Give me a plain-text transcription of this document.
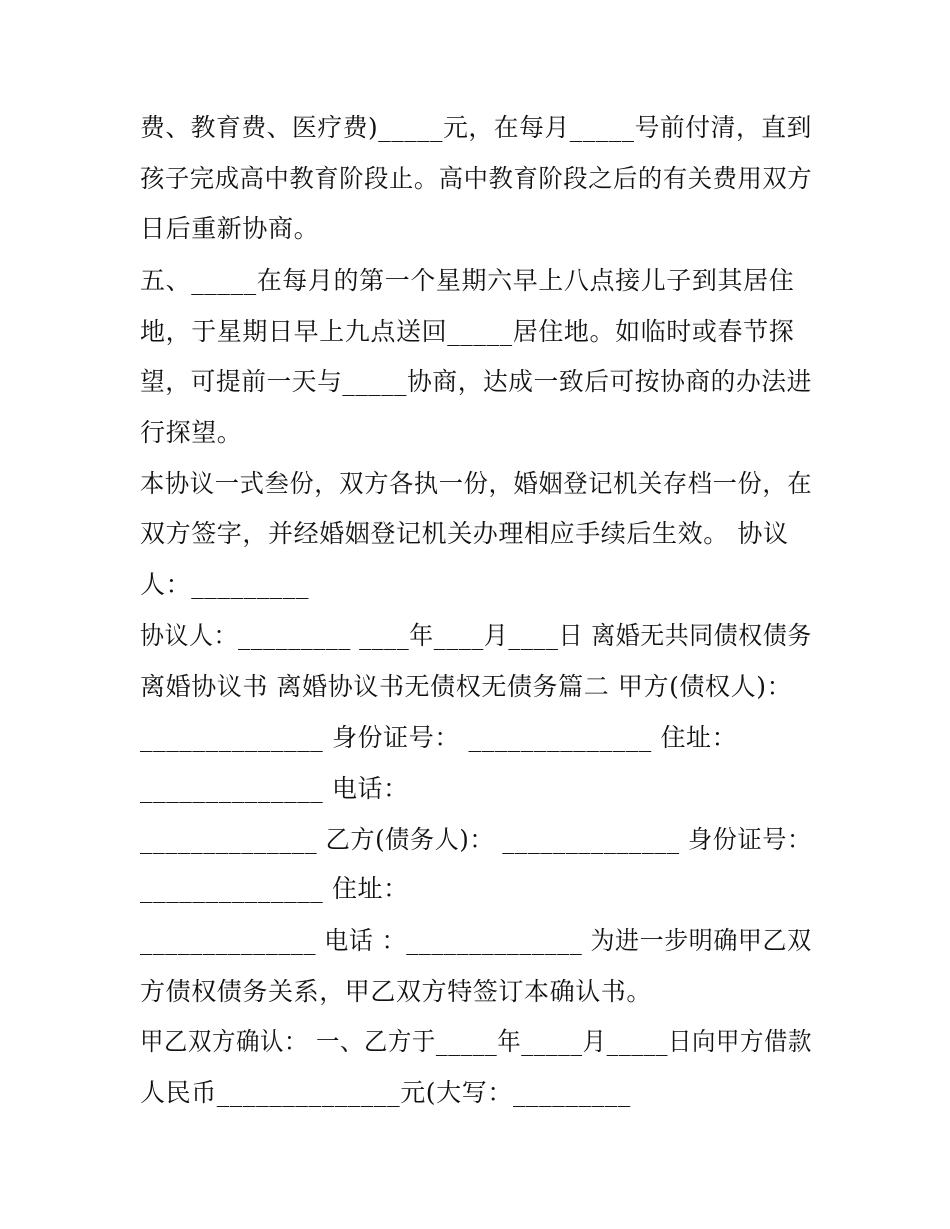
费、教育费、医疗费)_____元，在每月_____号前付清，直到
孩子完成高中教育阶段止。高中教育阶段之后的有关费用双方
日后重新协商。
五、_____在每月的第一个星期六早上八点接儿子到其居住
地，于星期日早上九点送回_____居住地。如临时或春节探
望，可提前一天与_____协商，达成一致后可按协商的办法进
行探望。
本协议一式叁份，双方各执一份，婚姻登记机关存档一份，在
双方签字，并经婚姻登记机关办理相应手续后生效。 协议
人：_________
协议人：_________ ____年____月____日 离婚无共同债权债务
离婚协议书 离婚协议书无债权无债务篇二 甲方(债权人)：
______________ 身份证号： ______________ 住址：
______________ 电话：
______________ 乙方(债务人)： ______________ 身份证号：
______________ 住址：
______________ 电话 ：______________ 为进一步明确甲乙双
方债权债务关系，甲乙双方特签订本确认书。
甲乙双方确认： 一、乙方于_____年_____月_____日向甲方借款
人民币______________元(大写：_________
